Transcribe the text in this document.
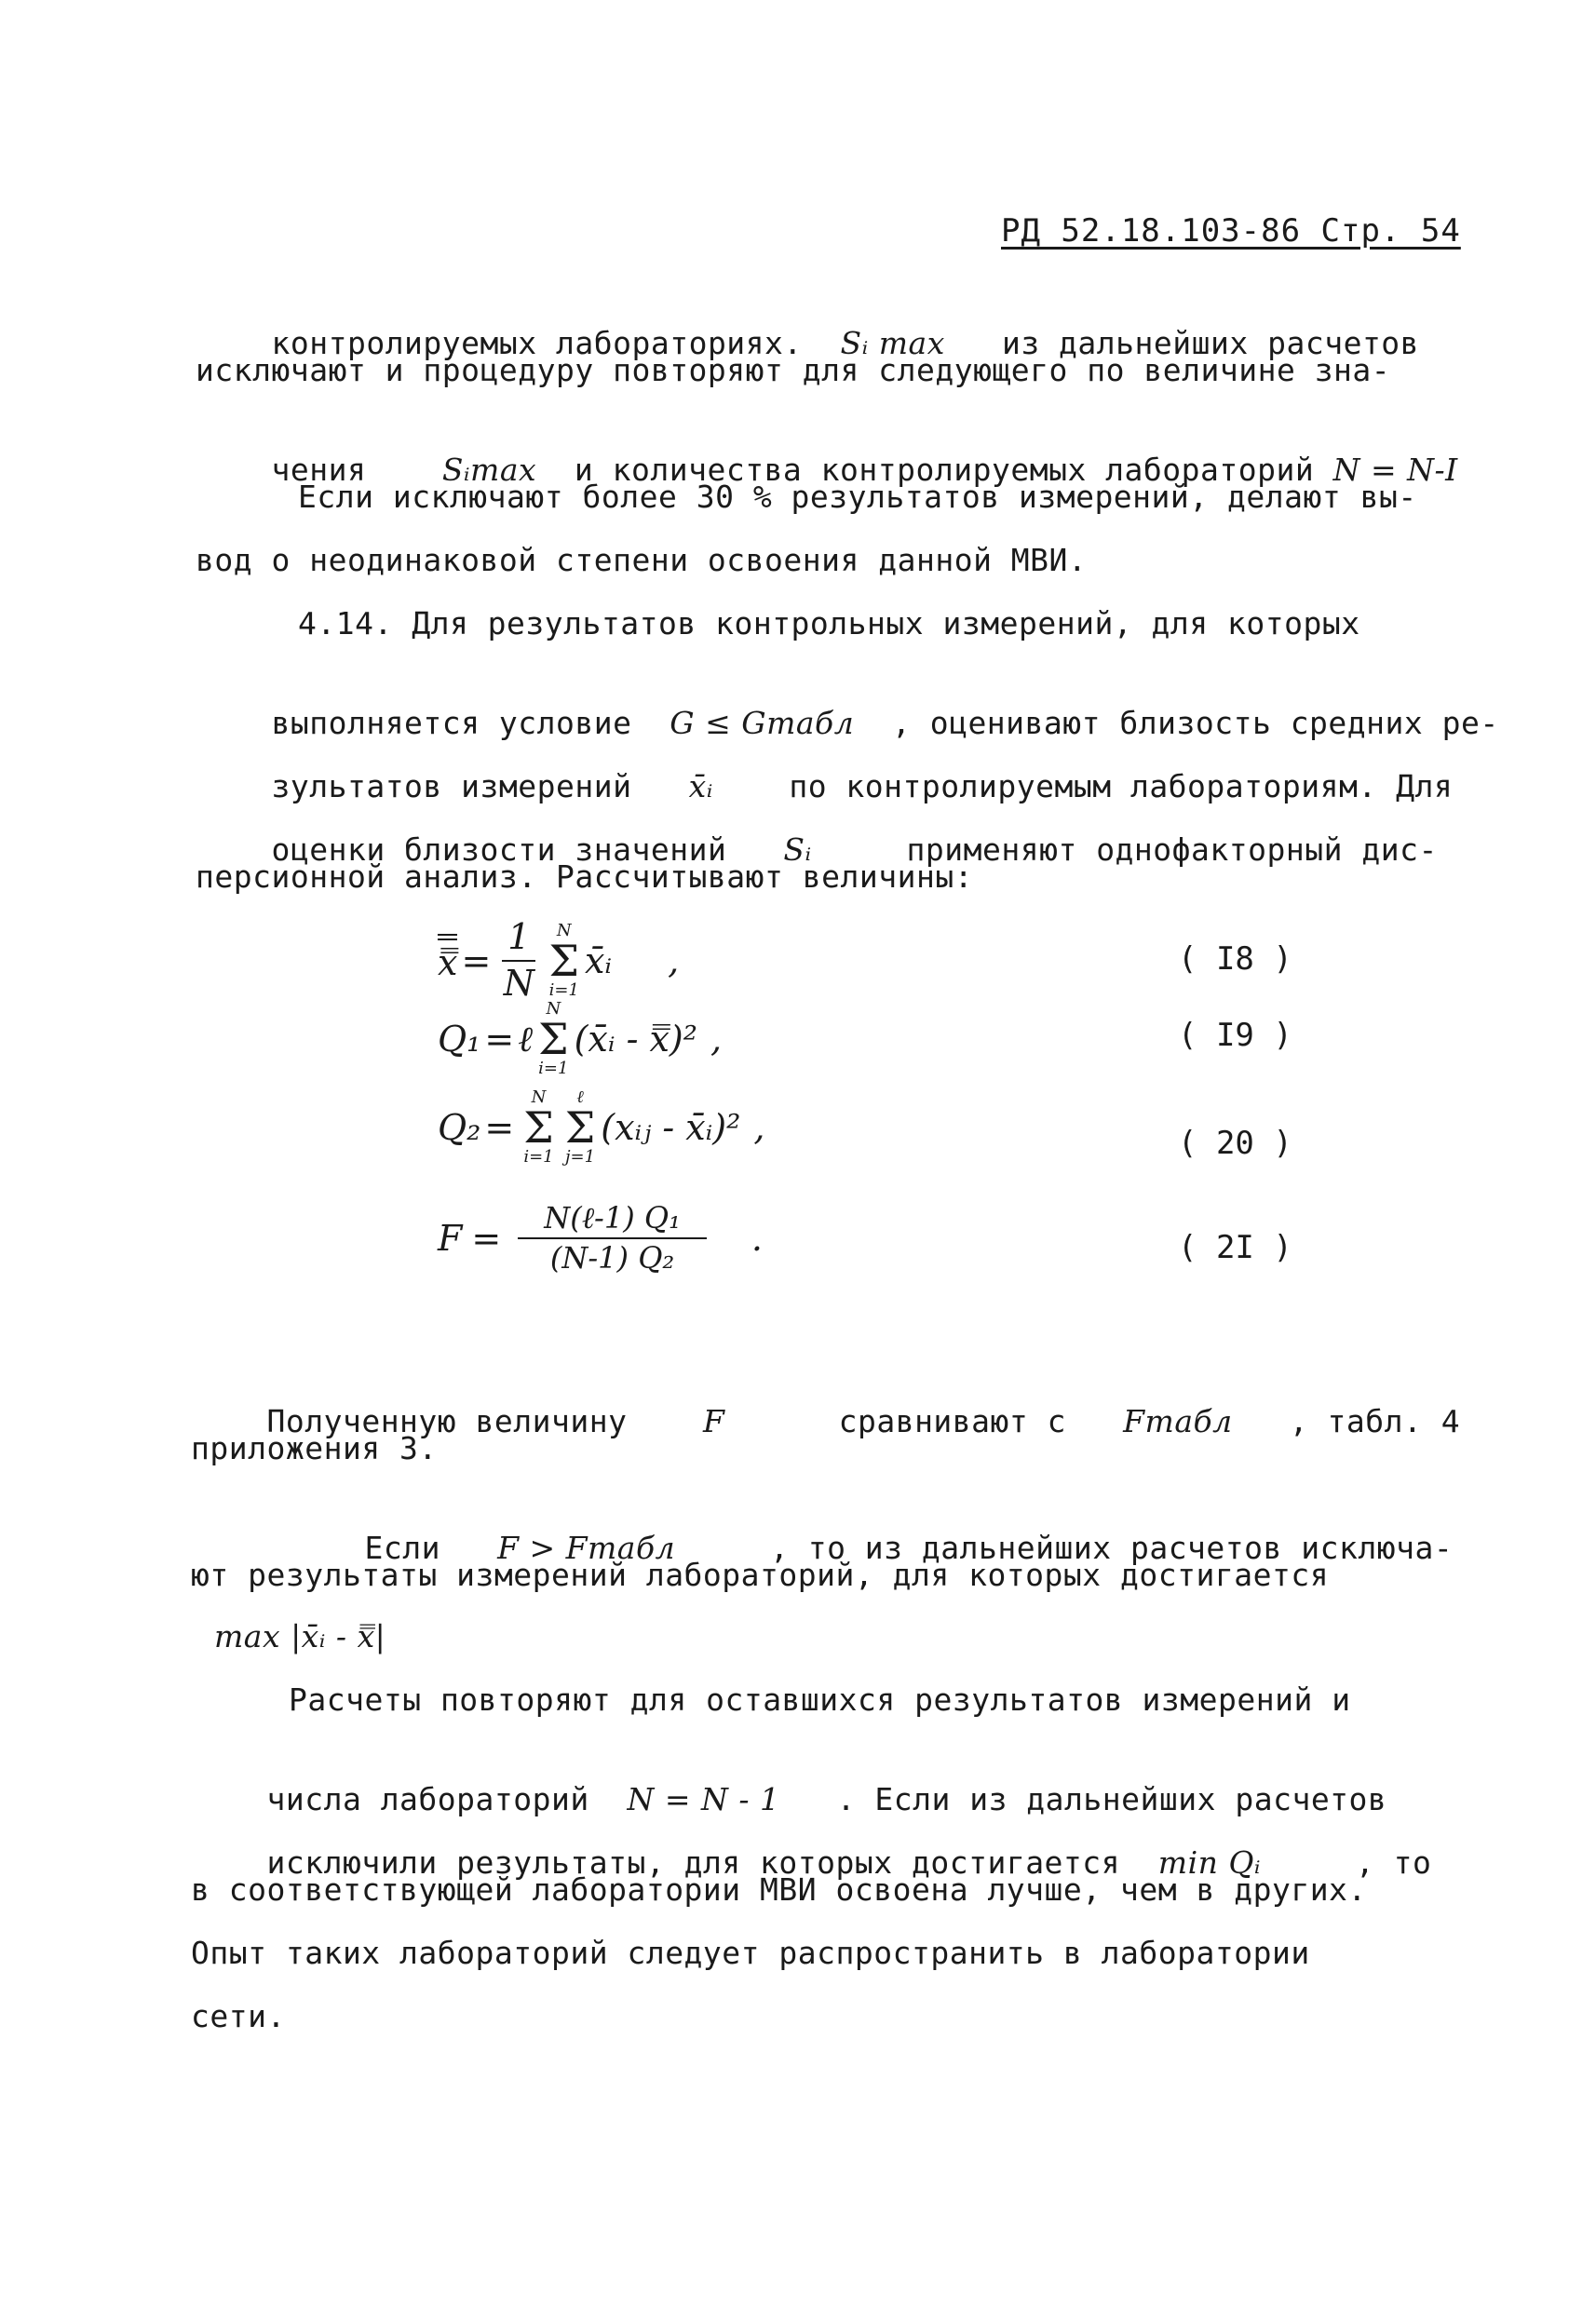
РД 52.18.103-86 Стр. 54

контролируемых лабораториях. Sᵢ max из дальнейших расчетов

исключают и процедуру повторяют для следующего по величине зна-

чения Sᵢmax и количества контролируемых лабораторий N = N-I

Если исключают более 30 % результатов измерений, делают вы-
вод о неодинаковой степени освоения данной МВИ.
4.14. Для результатов контрольных измерений, для которых

выполняется условие G ≤ Gтабл , оценивают близость средних ре-

зультатов измерений x̄ᵢ по контролируемым лабораториям. Для

оценки близости значений Sᵢ	применяют однофакторный дис-

персионной анализ. Рассчитывают величины:
x̿ = $\frac{1}{N}$ N
Σ
i=1
x̄ᵢ ,	( I8 )
Q₁ = ℓ
N
Σ
i=1
(x̄ᵢ - x̿)² ,	( I9 )
Q₂ =
N
Σ
i=1
ℓ
Σ
j=1
(xᵢⱼ - x̄ᵢ)² ,	( 20 )
$F = \frac{\text{N(ℓ-1) Q₁}}{\text{(N-1) Q₂}}$ .	( 2I )

Полученную величину F	сравнивают с Fтабл , табл. 4

приложения 3.

Если F > Fтабл	, то из дальнейших расчетов исключа-

ют результаты измерений лабораторий, для которых достигается
max |x̄ᵢ - x̿|
Расчеты повторяют для оставшихся результатов измерений и

числа лабораторий N = N - 1 . Если из дальнейших расчетов

исключили результаты, для которых достигается min Qᵢ	, то

в соответствующей лаборатории МВИ освоена лучше, чем в других.
Опыт таких лабораторий следует распространить в лаборатории
сети.
